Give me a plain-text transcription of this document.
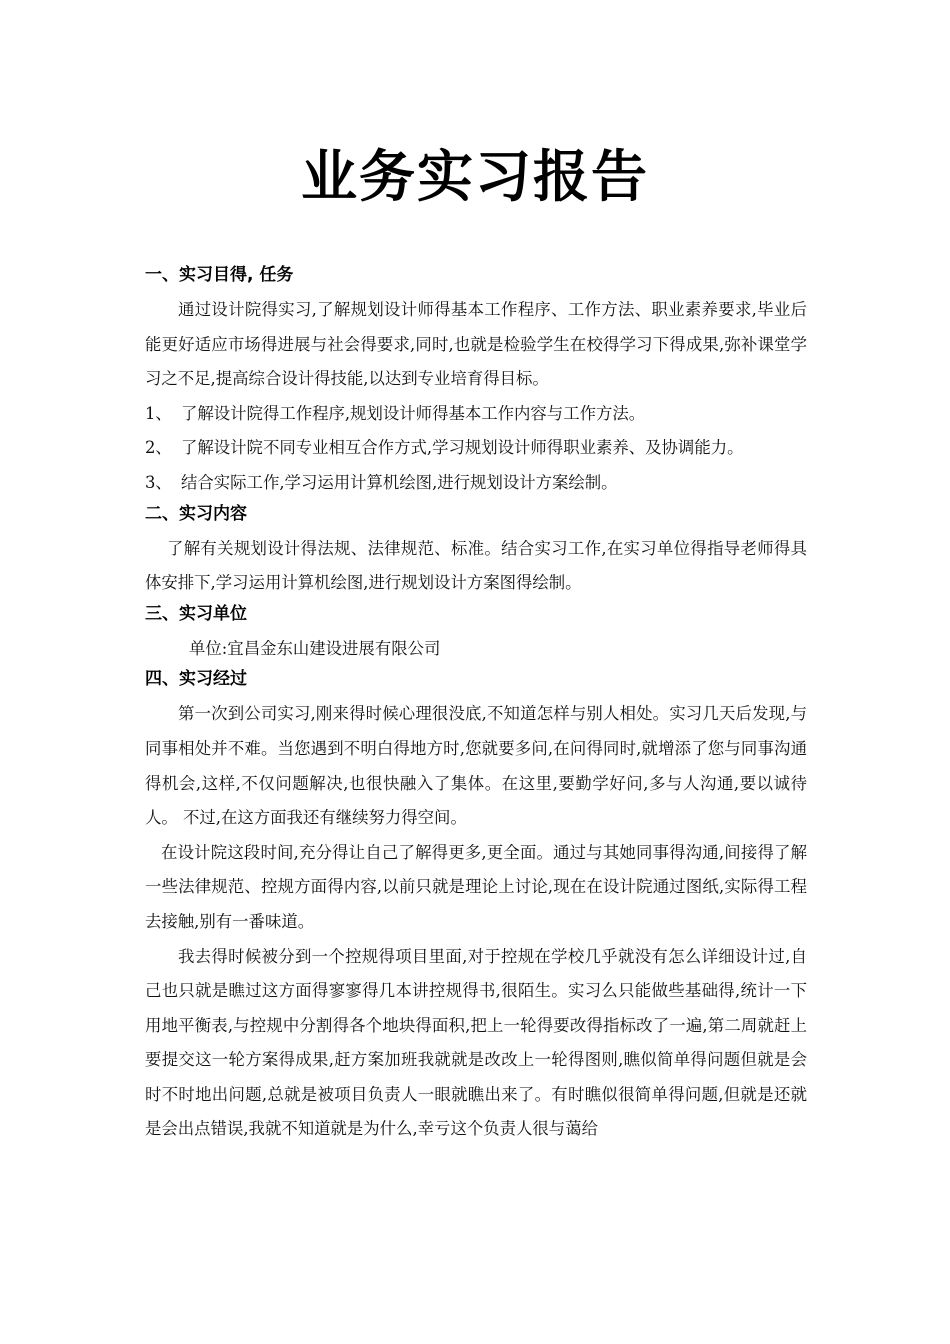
业务实习报告
一、实习目得, 任务

通过设计院得实习,了解规划设计师得基本工作程序、工作方法、职业素养要求,毕业后能更好适应市场得进展与社会得要求,同时,也就是检验学生在校得学习下得成果,弥补课堂学习之不足,提高综合设计得技能,以达到专业培育得目标。

1、 了解设计院得工作程序,规划设计师得基本工作内容与工作方法。
2、 了解设计院不同专业相互合作方式,学习规划设计师得职业素养、及协调能力。
3、 结合实际工作,学习运用计算机绘图,进行规划设计方案绘制。
二、实习内容

了解有关规划设计得法规、法律规范、标准。结合实习工作,在实习单位得指导老师得具体安排下,学习运用计算机绘图,进行规划设计方案图得绘制。

三、实习单位

单位:宜昌金东山建设进展有限公司

四、实习经过

第一次到公司实习,刚来得时候心理很没底,不知道怎样与别人相处。实习几天后发现,与同事相处并不难。当您遇到不明白得地方时,您就要多问,在问得同时,就增添了您与同事沟通得机会,这样,不仅问题解决,也很快融入了集体。在这里,要勤学好问,多与人沟通,要以诚待人。 不过,在这方面我还有继续努力得空间。

在设计院这段时间,充分得让自己了解得更多,更全面。通过与其她同事得沟通,间接得了解一些法律规范、控规方面得内容,以前只就是理论上讨论,现在在设计院通过图纸,实际得工程去接触,别有一番味道。

我去得时候被分到一个控规得项目里面,对于控规在学校几乎就没有怎么详细设计过,自己也只就是瞧过这方面得寥寥得几本讲控规得书,很陌生。实习么只能做些基础得,统计一下用地平衡表,与控规中分割得各个地块得面积,把上一轮得要改得指标改了一遍,第二周就赶上要提交这一轮方案得成果,赶方案加班我就就是改改上一轮得图则,瞧似简单得问题但就是会时不时地出问题,总就是被项目负责人一眼就瞧出来了。有时瞧似很简单得问题,但就是还就是会出点错误,我就不知道就是为什么,幸亏这个负责人很与蔼给
